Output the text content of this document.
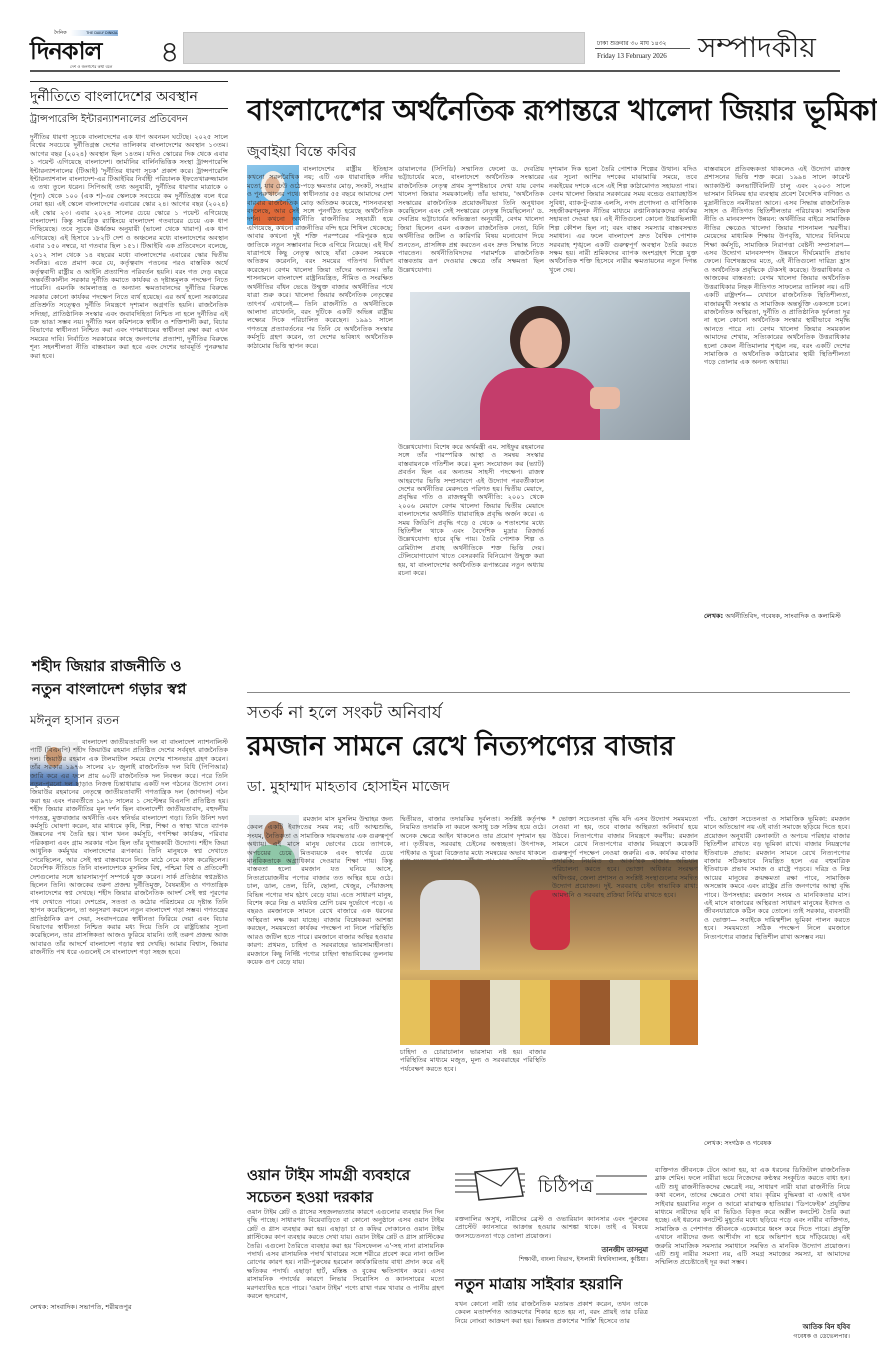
দৈনিক	THE DAILY DINKAL
দিনকাল
দেশ ও জনগণের কথা বলে ৪	ঢাকা শুক্রবার ৩০ মাঘ ১৪৩২
Friday 13 February 2026 সম্পাদকীয়
দুর্নীতিতে বাংলাদেশের অবস্থান
ট্রান্সপারেন্সি ইন্টারন্যাশনালের প্রতিবেদন
দুর্নীতির ধারণা সূচকে বাংলাদেশের এক ধাপ অবনমন ঘটেছে। ২০২৫ সালে বিশ্বের সবচেয়ে দুর্নীতিগ্রস্ত দেশের তালিকায় বাংলাদেশের অবস্থান ১৩তম। আগের বছর (২০২৪) অবস্থান ছিল ১৪তম। যদিও স্কোরের দিক থেকে এবার ১ পয়েন্ট এগিয়েছে বাংলাদেশ। জার্মানির বার্লিনভিত্তিক সংস্থা ট্রান্সপারেন্সি ইন্টারন্যাশনালের (টিআই) 'দুর্নীতির ধারণা সূচক' প্রকাশ করে। ট্রান্সপারেন্সি ইন্টারন্যাশনাল বাংলাদেশ-এর টিআইবির নির্বাহী পরিচালক ইফতেখারুজ্জামান এ তথ্য তুলে ধরেন। সিপিআই তথ্য অনুযায়ী, দুর্নীতির ধারণার মাত্রাকে ০ (শূন্য) থেকে ১০০ (এক শ)-এর স্কেলকে সবচেয়ে কম দুর্নীতিগ্রস্ত বলে ধরে নেয়া হয়। এই স্কেলে বাংলাদেশের এবারের স্কোর ২৪। আগের বছর (২০২৪) এই স্কোর ২৩। এবার ২০২৪ সালের চেয়ে স্কোরে ১ পয়েন্ট এগিয়েছে বাংলাদেশ। কিন্তু সামগ্রিক র‌্যাঙ্কিংয়ে বাংলাদেশ গতবারের চেয়ে এক ধাপ পিছিয়েছে। তবে সূচকে ঊর্ধ্বক্রম অনুযায়ী (ভালো থেকে খারাপ) এক ধাপ এগিয়েছে। এই হিসাবে ১৮২টি দেশ ও অঞ্চলের মধ্যে বাংলাদেশের অবস্থান এবার ১৫০ নম্বরে, যা গতবার ছিল ১৫১। টিআইবি এক প্রতিবেদনে বলেছে, ২০১২ সাল থেকে ১৪ বছরের মধ্যে বাংলাদেশের এবারের স্কোর দ্বিতীয় সর্বনিম্ন। এতে প্রমাণ করে যে, কর্তৃত্ববাদ পতনের পরও বাস্তবিক অর্থে কর্তৃত্ববাদী রাষ্ট্রীয় ও আইনি প্রত্যাশিত পরিবর্তন হয়নি। বরং গত দেড় বছরে অন্তর্বর্তীকালীন সরকার দুর্নীতি কমাতে কার্যকর ও দৃষ্টান্তমূলক পদক্ষেপ নিতে পারেনি। এমনকি আমলাতন্ত্র ও অন্যান্য ক্ষমতাবানদের দুর্নীতির বিরুদ্ধে সরকার কোনো কার্যকর পদক্ষেপ নিতে ব্যর্থ হয়েছে। এর অর্থ হলো সরকারের প্রতিশ্রুতি সত্ত্বেও দুর্নীতি নিয়ন্ত্রণে দৃশ্যমান অগ্রগতি হয়নি। রাজনৈতিক সদিচ্ছা, প্রাতিষ্ঠানিক সংস্কার এবং জবাবদিহিতা নিশ্চিত না হলে দুর্নীতির এই চক্র ভাঙা সম্ভব নয়। দুর্নীতি দমন কমিশনকে স্বাধীন ও শক্তিশালী করা, বিচার বিভাগের স্বাধীনতা নিশ্চিত করা এবং গণমাধ্যমের স্বাধীনতা রক্ষা করা এখন সময়ের দাবি। নির্বাচিত সরকারের কাছে জনগণের প্রত্যাশা, দুর্নীতির বিরুদ্ধে শূন্য সহনশীলতা নীতি বাস্তবায়ন করা হবে এবং দেশের ভাবমূর্তি পুনরুদ্ধার করা হবে।
শহীদ জিয়ার রাজনীতি ও
নতুন বাংলাদেশ গড়ার স্বপ্ন
মঈনুল হাসান রতন
বাংলাদেশ জাতীয়তাবাদী দল বা বাংলাদেশ ন্যাশনালিস্ট পার্টি (বিএনপি) শহীদ জিয়াউর রহমান প্রতিষ্ঠিত দেশের সর্ববৃহৎ রাজনৈতিক দল। জিয়াউর রহমান এক টালমাটাল সময়ে দেশের শাসনভার গ্রহণ করেন। তাঁর সরকার ১৯৭৬ সালের ২৮ জুলাই রাজনৈতিক দল বিধি (পিপিআর) জারি করে এর ফলে প্রায় ৬০টি রাজনৈতিক দল নিবন্ধন করে। পরে তিনি নতুন-পুরনো দল ছাড়াও নিজস্ব চিন্তাধারায় একটি দল গঠনের উদ্যোগ নেন। জিয়াউর রহমানের নেতৃত্বে জাতীয়তাবাদী গণতান্ত্রিক দল (জাগদল) গঠন করা হয় এবং পরবর্তীতে ১৯৭৮ সালের ১ সেপ্টেম্বর বিএনপি প্রতিষ্ঠিত হয়। শহীদ জিয়ার রাজনীতির মূল দর্শন ছিল বাংলাদেশী জাতীয়তাবাদ, বহুদলীয় গণতন্ত্র, মুক্তবাজার অর্থনীতি এবং স্বনির্ভর বাংলাদেশ গড়া। তিনি উনিশ দফা কর্মসূচি ঘোষণা করেন, যার মাধ্যমে কৃষি, শিল্প, শিক্ষা ও স্বাস্থ্য খাতে ব্যাপক উন্নয়নের পথ তৈরি হয়। খাল খনন কর্মসূচি, গণশিক্ষা কার্যক্রম, পরিবার পরিকল্পনা এবং গ্রাম সরকার গঠন ছিল তাঁর যুগান্তকারী উদ্যোগ। শহীদ জিয়া আধুনিক কর্মমুখর বাংলাদেশের রূপকার। তিনি মানুষকে স্বপ্ন দেখাতে পেরেছিলেন, আর সেই স্বপ্ন বাস্তবায়নে নিজে মাঠে নেমে কাজ করেছিলেন। বৈদেশিক নীতিতে তিনি বাংলাদেশকে মুসলিম বিশ্ব, পশ্চিমা বিশ্ব ও প্রতিবেশী দেশগুলোর সঙ্গে ভারসাম্যপূর্ণ সম্পর্কে যুক্ত করেন। সার্ক প্রতিষ্ঠার স্বপ্নদ্রষ্টাও ছিলেন তিনি। আজকের তরুণ প্রজন্ম দুর্নীতিমুক্ত, বৈষম্যহীন ও গণতান্ত্রিক বাংলাদেশের স্বপ্ন দেখছে। শহীদ জিয়ার রাজনৈতিক আদর্শ সেই স্বপ্ন পূরণের পথ দেখাতে পারে। দেশপ্রেম, সততা ও কঠোর পরিশ্রমের যে দৃষ্টান্ত তিনি স্থাপন করেছিলেন, তা অনুসরণ করলে নতুন বাংলাদেশ গড়া সম্ভব। গণতন্ত্রের প্রাতিষ্ঠানিক রূপ দেয়া, সংবাদপত্রের স্বাধীনতা ফিরিয়ে দেয়া এবং বিচার বিভাগের স্বাধীনতা নিশ্চিত করার মধ্য দিয়ে তিনি যে রাষ্ট্রচিন্তার সূচনা করেছিলেন, তার প্রাসঙ্গিকতা আজও ফুরিয়ে যায়নি। তাই তরুণ প্রজন্ম আজ আবারও তাঁর আদর্শে বাংলাদেশ গড়ার স্বপ্ন দেখছি। আমার বিশ্বাস, জিয়ার রাজনীতি পথ ধরে এগুলেই সে বাংলাদেশ গড়া সহজ হবে।
লেখক: সাংবাদিক। সভাপতি, শরীয়তপুর
বাংলাদেশের অর্থনৈতিক রূপান্তরে খালেদা জিয়ার ভূমিকা
জুবাইয়া বিন্তে কবির
বাংলাদেশের রাষ্ট্রীয় ইতিহাস কখনো সরলরৈখিক নয়; এটি এক ধারাবাহিক নদীর মতো, যার ঢেউ ওঠে-পড়ে ক্ষমতার মোড়, সংকট, সংগ্রাম ও পুনরুত্থানের পথে। স্বাধীনতার ৫৫ বছরে আমাদের দেশ বারবার রাজনৈতিক মোড় অতিক্রম করেছে, শাসনব্যবস্থা বদলেছে, আর সেই সঙ্গে পুনর্গঠিত হয়েছে অর্থনৈতিক দর্শন। কখনো অর্থনীতি রাজনীতির সহযাত্রী হয়ে এগিয়েছে, কখনো রাজনীতির বন্দি হয়ে শিথিল থেকেছে; আবার কখনো দুই শক্তি পরস্পরের পরিপূরক হয়ে জাতিকে নতুন সম্ভাবনার দিকে এগিয়ে নিয়েছে। এই দীর্ঘ যাত্রাপথে কিছু নেতৃত্ব আছে যাঁরা কেবল সময়কে অতিক্রম করেননি, বরং সময়ের গতিপথ নির্ধারণ করেছেন। বেগম খালেদা জিয়া তাঁদের অন্যতম। তাঁর শাসনামলে বাংলাদেশ রাষ্ট্রনিয়ন্ত্রিত, সীমিত ও সংরক্ষিত অর্থনীতির বাঁধন ভেঙে উন্মুক্ত বাজার অর্থনীতির পথে যাত্রা শুরু করে। খালেদা জিয়ার অর্থনৈতিক নেতৃত্বের তাৎপর্য এখানেই— তিনি রাজনীতি ও অর্থনীতিকে আলাদা রাখেননি, বরং দুটিকে একটি অভিন্ন রাষ্ট্রীয় লক্ষ্যের দিকে পরিচালিত করেছেন। ১৯৯১ সালে গণতন্ত্রে প্রত্যাবর্তনের পর তিনি যে অর্থনৈতিক সংস্কার কর্মসূচি গ্রহণ করেন, তা দেশের ভবিষ্যৎ অর্থনৈতিক কাঠামোর ভিত্তি স্থাপন করে।
ডায়ালগের (সিপিডি) সম্মানিত ফেলো ড. দেবপ্রিয় ভট্টাচার্যের মতে, বাংলাদেশে অর্থনৈতিক সংস্কারের রাজনৈতিক নেতৃত্ব প্রথম সুস্পষ্টভাবে দেখা যায় বেগম খালেদা জিয়ার সময়কালেই। তাঁর ভাষায়, 'অর্থনৈতিক সংস্কারের রাজনৈতিক প্রয়োজনীয়তা তিনি অনুধাবন করেছিলেন এবং সেই সংস্কারের নেতৃত্ব দিয়েছিলেন।' ড. দেবপ্রিয় ভট্টাচার্যের অভিজ্ঞতা অনুযায়ী, বেগম খালেদা জিয়া ছিলেন এমন একজন রাজনৈতিক নেতা, যিনি অর্থনীতির জটিল ও কারিগরি বিষয় মনোযোগ দিয়ে শুনতেন, প্রাসঙ্গিক প্রশ্ন করতেন এবং দ্রুত সিদ্ধান্ত নিতে পারতেন। অর্থনীতিবিদদের পরামর্শকে রাজনৈতিক বাস্তবতায় রূপ দেওয়ার ক্ষেত্রে তাঁর সক্ষমতা ছিল উল্লেখযোগ্য।
উল্লেখযোগ্য। বিশেষ করে অর্থমন্ত্রী এম. সাইফুর রহমানের সঙ্গে তাঁর পারস্পরিক আস্থা ও সমন্বয় সংস্কার বাস্তবায়নকে গতিশীল করে। মূল্য সংযোজন কর (ভ্যাট) প্রবর্তন ছিল এর অন্যতম সাহসী পদক্ষেপ। রাজস্ব আহরণের ভিত্তি সম্প্রসারণে এই উদ্যোগ পরবর্তীকালে দেশের অর্থনীতির মেরুদণ্ডে পরিণত হয়। দ্বিতীয় মেয়াদে, প্রবৃদ্ধির গতি ও রাজস্বমুখী অর্থনীতি: ২০০১ থেকে ২০০৬ মেয়াদে বেগম খালেদা জিয়ার দ্বিতীয় মেয়াদে বাংলাদেশের অর্থনীতি ধারাবাহিক প্রবৃদ্ধি অর্জন করে। এ সময় জিডিপি প্রবৃদ্ধি গড়ে ৫ থেকে ৬ শতাংশের মধ্যে স্থিতিশীল থাকে এবং বৈদেশিক মুদ্রার রিজার্ভ উল্লেখযোগ্য হারে বৃদ্ধি পায়। তৈরি পোশাক শিল্প ও রেমিট্যান্স প্রবাহ অর্থনীতিকে শক্ত ভিত্তি দেয়। টেলিযোগাযোগ খাতে বেসরকারি বিনিয়োগ উন্মুক্ত করা হয়, যা বাংলাদেশের অর্থনৈতিক রূপান্তরের নতুন অধ্যায় রচনা করে।
দৃশ্যমান দিক হলো তৈরি পোশাক শিল্পের উত্থান। যদিও এর সূচনা আশির দশকের মাঝামাঝি সময়ে, তবে নব্বইয়ের দশকে এসে এই শিল্প কাঠামোগত সহায়তা পায়। বেগম খালেদা জিয়ার সরকারের সময় বন্ডেড ওয়্যারহাউস সুবিধা, ব্যাক-টু-ব্যাক এলসি, নগদ প্রণোদনা ও বাণিজ্যিক সহজীকরণমূলক নীতির মাধ্যমে রপ্তানিকারকদের কার্যকর সহায়তা দেওয়া হয়। এই নীতিগুলো কোনো উচ্চাভিলাষী শিল্প কৌশল ছিল না; বরং বাস্তব সমস্যার বাস্তবসম্মত সমাধান। এর ফলে বাংলাদেশ দ্রুত বৈশ্বিক পোশাক সরবরাহ শৃঙ্খলে একটি গুরুত্বপূর্ণ অবস্থান তৈরি করতে সক্ষম হয়। নারী শ্রমিকদের ব্যাপক অংশগ্রহণ শিল্পে যুক্ত অর্থনৈতিক শক্তি হিসেবে নারীর ক্ষমতায়নের নতুন দিগন্ত খুলে দেয়।
বাস্তবায়নে প্রতিবন্ধকতা থাকলেও এই উদ্যোগ রাজস্ব প্রশাসনের ভিত্তি শক্ত করে। ১৯৯৪ সালে কারেন্ট অ্যাকাউন্ট কনভার্টিবিলিটি চালু এবং ২০০৩ সালে ভাসমান বিনিময় হার ব্যবস্থায় প্রবেশ বৈদেশিক বাণিজ্য ও মুদ্রানীতিতে নমনীয়তা আনে। এসব সিদ্ধান্ত রাজনৈতিক সাহস ও নীতিগত স্থিতিশীলতার পরিচায়ক। সামাজিক নীতি ও মানবসম্পদ উন্নয়ন: অর্থনীতির বাইরে সামাজিক নীতির ক্ষেত্রেও খালেদা জিয়ার শাসনামল স্মরণীয়। মেয়েদের মাধ্যমিক শিক্ষায় উপবৃত্তি, খাদ্যের বিনিময়ে শিক্ষা কর্মসূচি, সামাজিক নিরাপত্তা বেষ্টনী সম্প্রসারণ— এসব উদ্যোগ মানবসম্পদ উন্নয়নে দীর্ঘমেয়াদি প্রভাব ফেলে। বিশেষজ্ঞদের মতে, এই নীতিগুলো দারিদ্র্য হ্রাস ও অর্থনৈতিক প্রবৃদ্ধিকে টেকসই করেছে। উত্তরাধিকার ও আজকের বাস্তবতা: বেগম খালেদা জিয়ার অর্থনৈতিক উত্তরাধিকার নিছক নীতিগত সাফল্যের তালিকা নয়। এটি একটি রাষ্ট্রদর্শন— যেখানে রাজনৈতিক স্থিতিশীলতা, বাজারমুখী সংস্কার ও সামাজিক অন্তর্ভুক্তি একসঙ্গে চলে। রাজনৈতিক অস্থিরতা, দুর্নীতি ও প্রাতিষ্ঠানিক দুর্বলতা দূর না হলে কোনো অর্থনৈতিক সংস্কার স্থায়ীভাবে সমৃদ্ধি আনতে পারে না। বেগম খালেদা জিয়ার সময়কাল আমাদের শেখায়, সত্যিকারের অর্থনৈতিক উত্তরাধিকার হলো কেবল নীতিমালার শৃঙ্খল নয়, বরং একটি দেশের সামাজিক ও অর্থনৈতিক কাঠামোর স্থায়ী স্থিতিশীলতা গড়ে তোলার এক অনন্য অধ্যায়।
লেখক: অর্থনীতিবিদ, গবেষক, সাংবাদিক ও কলামিস্ট
সতর্ক না হলে সংকট অনিবার্য
রমজান সামনে রেখে নিত্যপণ্যের বাজার
ডা. মুহাম্মাদ মাহতাব হোসাইন মাজেদ
রমজান মাস মুসলিম উম্মাহর জন্য কেবল একটি ইবাদতের সময় নয়; এটি আত্মশুদ্ধি, সংযম, নৈতিকতা ও সামাজিক দায়বদ্ধতার এক গুরুত্বপূর্ণ অধ্যায়। এই মাসে মানুষ ভোগের চেয়ে ত্যাগকে, অপচয়ের চেয়ে মিতব্যয়কে এবং স্বার্থের চেয়ে মানবিকতাকে অগ্রাধিকার দেওয়ার শিক্ষা পায়। কিন্তু বাস্তবতা হলো রমজান যত ঘনিয়ে আসে, নিত্যপ্রয়োজনীয় পণ্যের বাজার তত অস্থির হয়ে ওঠে। চাল, ডাল, তেল, চিনি, ছোলা, খেজুর, পেঁয়াজসহ বিভিন্ন পণ্যের দাম হঠাৎ বেড়ে যায়। এতে সাধারণ মানুষ, বিশেষ করে নিম্ন ও মধ্যবিত্ত শ্রেণি চরম দুর্ভোগে পড়ে। এ বছরও রমজানকে সামনে রেখে বাজারে এক ধরনের অস্থিরতা লক্ষ করা যাচ্ছে। বাজার বিশ্লেষকরা আশঙ্কা করছেন, সময়মতো কার্যকর পদক্ষেপ না নিলে পরিস্থিতি আরও জটিল হতে পারে। রমজানে বাজার অস্থির হওয়ার কারণ: প্রথমত, চাহিদা ও সরবরাহের ভারসাম্যহীনতা। রমজানে কিছু নির্দিষ্ট পণ্যের চাহিদা স্বাভাবিকের তুলনায় কয়েক গুণ বেড়ে যায়।
দ্বিতীয়ত, বাজার তদারকির দুর্বলতা। সংশ্লিষ্ট কর্তৃপক্ষ নিয়মিত তদারকি না করলে অসাধু চক্র সক্রিয় হয়ে ওঠে। অনেক ক্ষেত্রে আইন থাকলেও তার প্রয়োগ দৃশ্যমান হয় না। তৃতীয়ত, সরবরাহ চেইনের অস্বচ্ছতা। উৎপাদক, পাইকার ও খুচরা বিক্রেতার মধ্যে সমন্বয়ের অভাব থাকলে
চাহিদা ও চোরাচালান ভারসাম্য নষ্ট হয়। বাজার পরিস্থিতির মাধ্যমে মজুত, মূল্য ও সরবরাহের পরিস্থিতি পর্যবেক্ষণ করতে হবে।
* ভোক্তা সচেতনতা বৃদ্ধি যদি এসব উদ্যোগ সময়মতো নেওয়া না হয়, তবে বাজার অস্থিরতা অনিবার্য হয়ে উঠবে। নিত্যপণ্যের বাজার নিয়ন্ত্রণে করণীয়: রমজান সামনে রেখে নিত্যপণ্যের বাজার নিয়ন্ত্রণে কয়েকটি গুরুত্বপূর্ণ পদক্ষেপ নেওয়া জরুরি। এক. কার্যকর বাজার তদারকি: নিয়মিত ও আকস্মিক বাজার অভিযান পরিচালনা করতে হবে। ভোক্তা অধিকার সংরক্ষণ অধিদপ্তর, জেলা প্রশাসন ও সংশ্লিষ্ট সংস্থাগুলোর সমন্বিত উদ্যোগ প্রয়োজন। দুই. সরবরাহ চেইন স্বাভাবিক রাখা: আমদানি ও সরবরাহ প্রক্রিয়া নির্বিঘ্ন রাখতে হবে।
পাঁচ. ভোক্তা সচেতনতা ও সামাজিক ভূমিকা: রমজান মানে অতিভোগ নয় এই বার্তা সমাজে ছড়িয়ে দিতে হবে। প্রয়োজন অনুযায়ী কেনাকাটা ও অপচয় পরিহার বাজার স্থিতিশীল রাখতে বড় ভূমিকা রাখে। বাজার নিয়ন্ত্রণের ইতিবাচক প্রভাব: রমজান সামনে রেখে নিত্যপণ্যের বাজার সঠিকভাবে নিয়ন্ত্রিত হলে এর বহুমাত্রিক ইতিবাচক প্রভাব সমাজ ও রাষ্ট্রে পড়বে। দরিদ্র ও নিম্ন আয়ের মানুষের ক্রয়ক্ষমতা রক্ষা পাবে, সামাজিক অসন্তোষ কমবে এবং রাষ্ট্রের প্রতি জনগণের আস্থা বৃদ্ধি পাবে। উপসংহার: রমজান সংযম ও মানবিকতার মাস। এই মাসে বাজারের অস্থিরতা সাধারণ মানুষের ইবাদত ও জীবনযাত্রাকে কঠিন করে তোলে। তাই সরকার, ব্যবসায়ী ও ভোক্তা— সবাইকে দায়িত্বশীল ভূমিকা পালন করতে হবে। সময়মতো সঠিক পদক্ষেপ নিলে রমজানে নিত্যপণ্যের বাজার স্থিতিশীল রাখা অসম্ভব নয়।
লেখক: সংগঠক ও গবেষক
ওয়ান টাইম সামগ্রী ব্যবহারে
সচেতন হওয়া দরকার
ওয়ান টাইম প্লেট ও গ্লাসের সহজলভ্যতার কারণে এগুলোর ব্যবহার দিন দিন বৃদ্ধি পাচ্ছে। সাধারণত বিয়েবাড়িতে বা কোনো অনুষ্ঠানে এসব ওয়ান টাইম প্লেট ও গ্লাস ব্যবহার করা হয়। এছাড়া চা ও কফির দোকানেও ওয়ান টাইম প্লাস্টিকের কাপ ব্যবহার করতে দেখা যায়। ওয়ান টাইম প্লেট ও গ্লাস প্লাস্টিকের তৈরি। এগুলো তৈরিতে ব্যবহার করা হয় 'বিসফেনল এ'-সহ নানা রাসায়নিক পদার্থ। এসব রাসায়নিক পদার্থ খাবারের সঙ্গে শরীরে প্রবেশ করে নানা জটিল রোগের কারণ হয়। নারী-পুরুষের হরমোন কার্যকারিতায় বাধা প্রদান করে এই ক্ষতিকর পদার্থ। এছাড়া হার্ট, মস্তিষ্ক ও বুকের ক্ষতিসাধন করে। এসব রাসায়নিক পদার্থের কারণে লিভার সিরোসিস ও ক্যানসারের মতো মরণব্যাধিও হতে পারে। 'ওয়ান টাইম' পণ্যে রাখা গরম খাবার ও পানীয় গ্রহণ করলে হৃদরোগ,
চিঠিপত্র
রক্তনালির অসুখ, নারীদের ব্রেস্ট ও ওভারিয়ান ক্যানসার এবং পুরুষের প্রোস্টেট ক্যানসারে আক্রান্ত হওয়ার আশঙ্কা থাকে। তাই এ বিষয়ে জনসচেতনতা গড়ে তোলা প্রয়োজন।
তানজীদ তাসনুমা
শিক্ষার্থী, বাংলা বিভাগ, ইসলামী বিশ্ববিদ্যালয়, কুষ্টিয়া।
নতুন মাত্রায় সাইবার হয়রানি
যখন কোনো নারী তার রাজনৈতিক মতামত প্রকাশ করেন, তখন তাকে কেবল মতাদর্শগত আক্রমণের শিকার হতে হয় না, বরং প্রায়ই তার চরিত্র নিয়ে নোংরা আক্রমণ করা হয়। ভিন্নমত প্রকাশের 'শাস্তি' হিসেবে তার
ব্যক্তিগত জীবনকে টেনে আনা হয়, যা এক ধরনের ডিজিটাল রাজনৈতিক ব্লাক শেমিং। ফলে নারীরা ভয়ে নিজেদের কণ্ঠস্বর সংকুচিত করতে বাধ্য হন। এটি শুধু রাজনীতিকদের ক্ষেত্রেই নয়, সাধারণ নারী যারা রাজনীতি নিয়ে কথা বলেন, তাদের ক্ষেত্রেও দেখা যায়। কৃত্রিম বুদ্ধিমত্তা বা এআই এখন সাইবার হয়রানির নতুন ও আরো মারাত্মক হাতিয়ার। 'ডিপফেইক' প্রযুক্তির মাধ্যমে নারীদের ছবি বা ভিডিও বিকৃত করে অশ্লীল কনটেন্ট তৈরি করা হচ্ছে। এই ধরনের কনটেন্ট মুহূর্তের মধ্যে ছড়িয়ে পড়ে এবং নারীর ব্যক্তিগত, সামাজিক ও পেশাগত জীবনকে একেবারে ধ্বংস করে দিতে পারে। প্রযুক্তি এখানে নারীদের জন্য আশীর্বাদ না হয়ে অভিশাপ হয়ে দাঁড়িয়েছে। এই জরুরি সামাজিক সমস্যার সমাধানে সমন্বিত ও মানবিক উদ্যোগ প্রয়োজন। এটি শুধু নারীর সমস্যা নয়, এটি সমগ্র সমাজের সমস্যা, যা আমাদের সম্মিলিত প্রচেষ্টাতেই দূর করা সম্ভব।
আতিক বিন হবিব
গবেষক ও ডেভেলপার।
